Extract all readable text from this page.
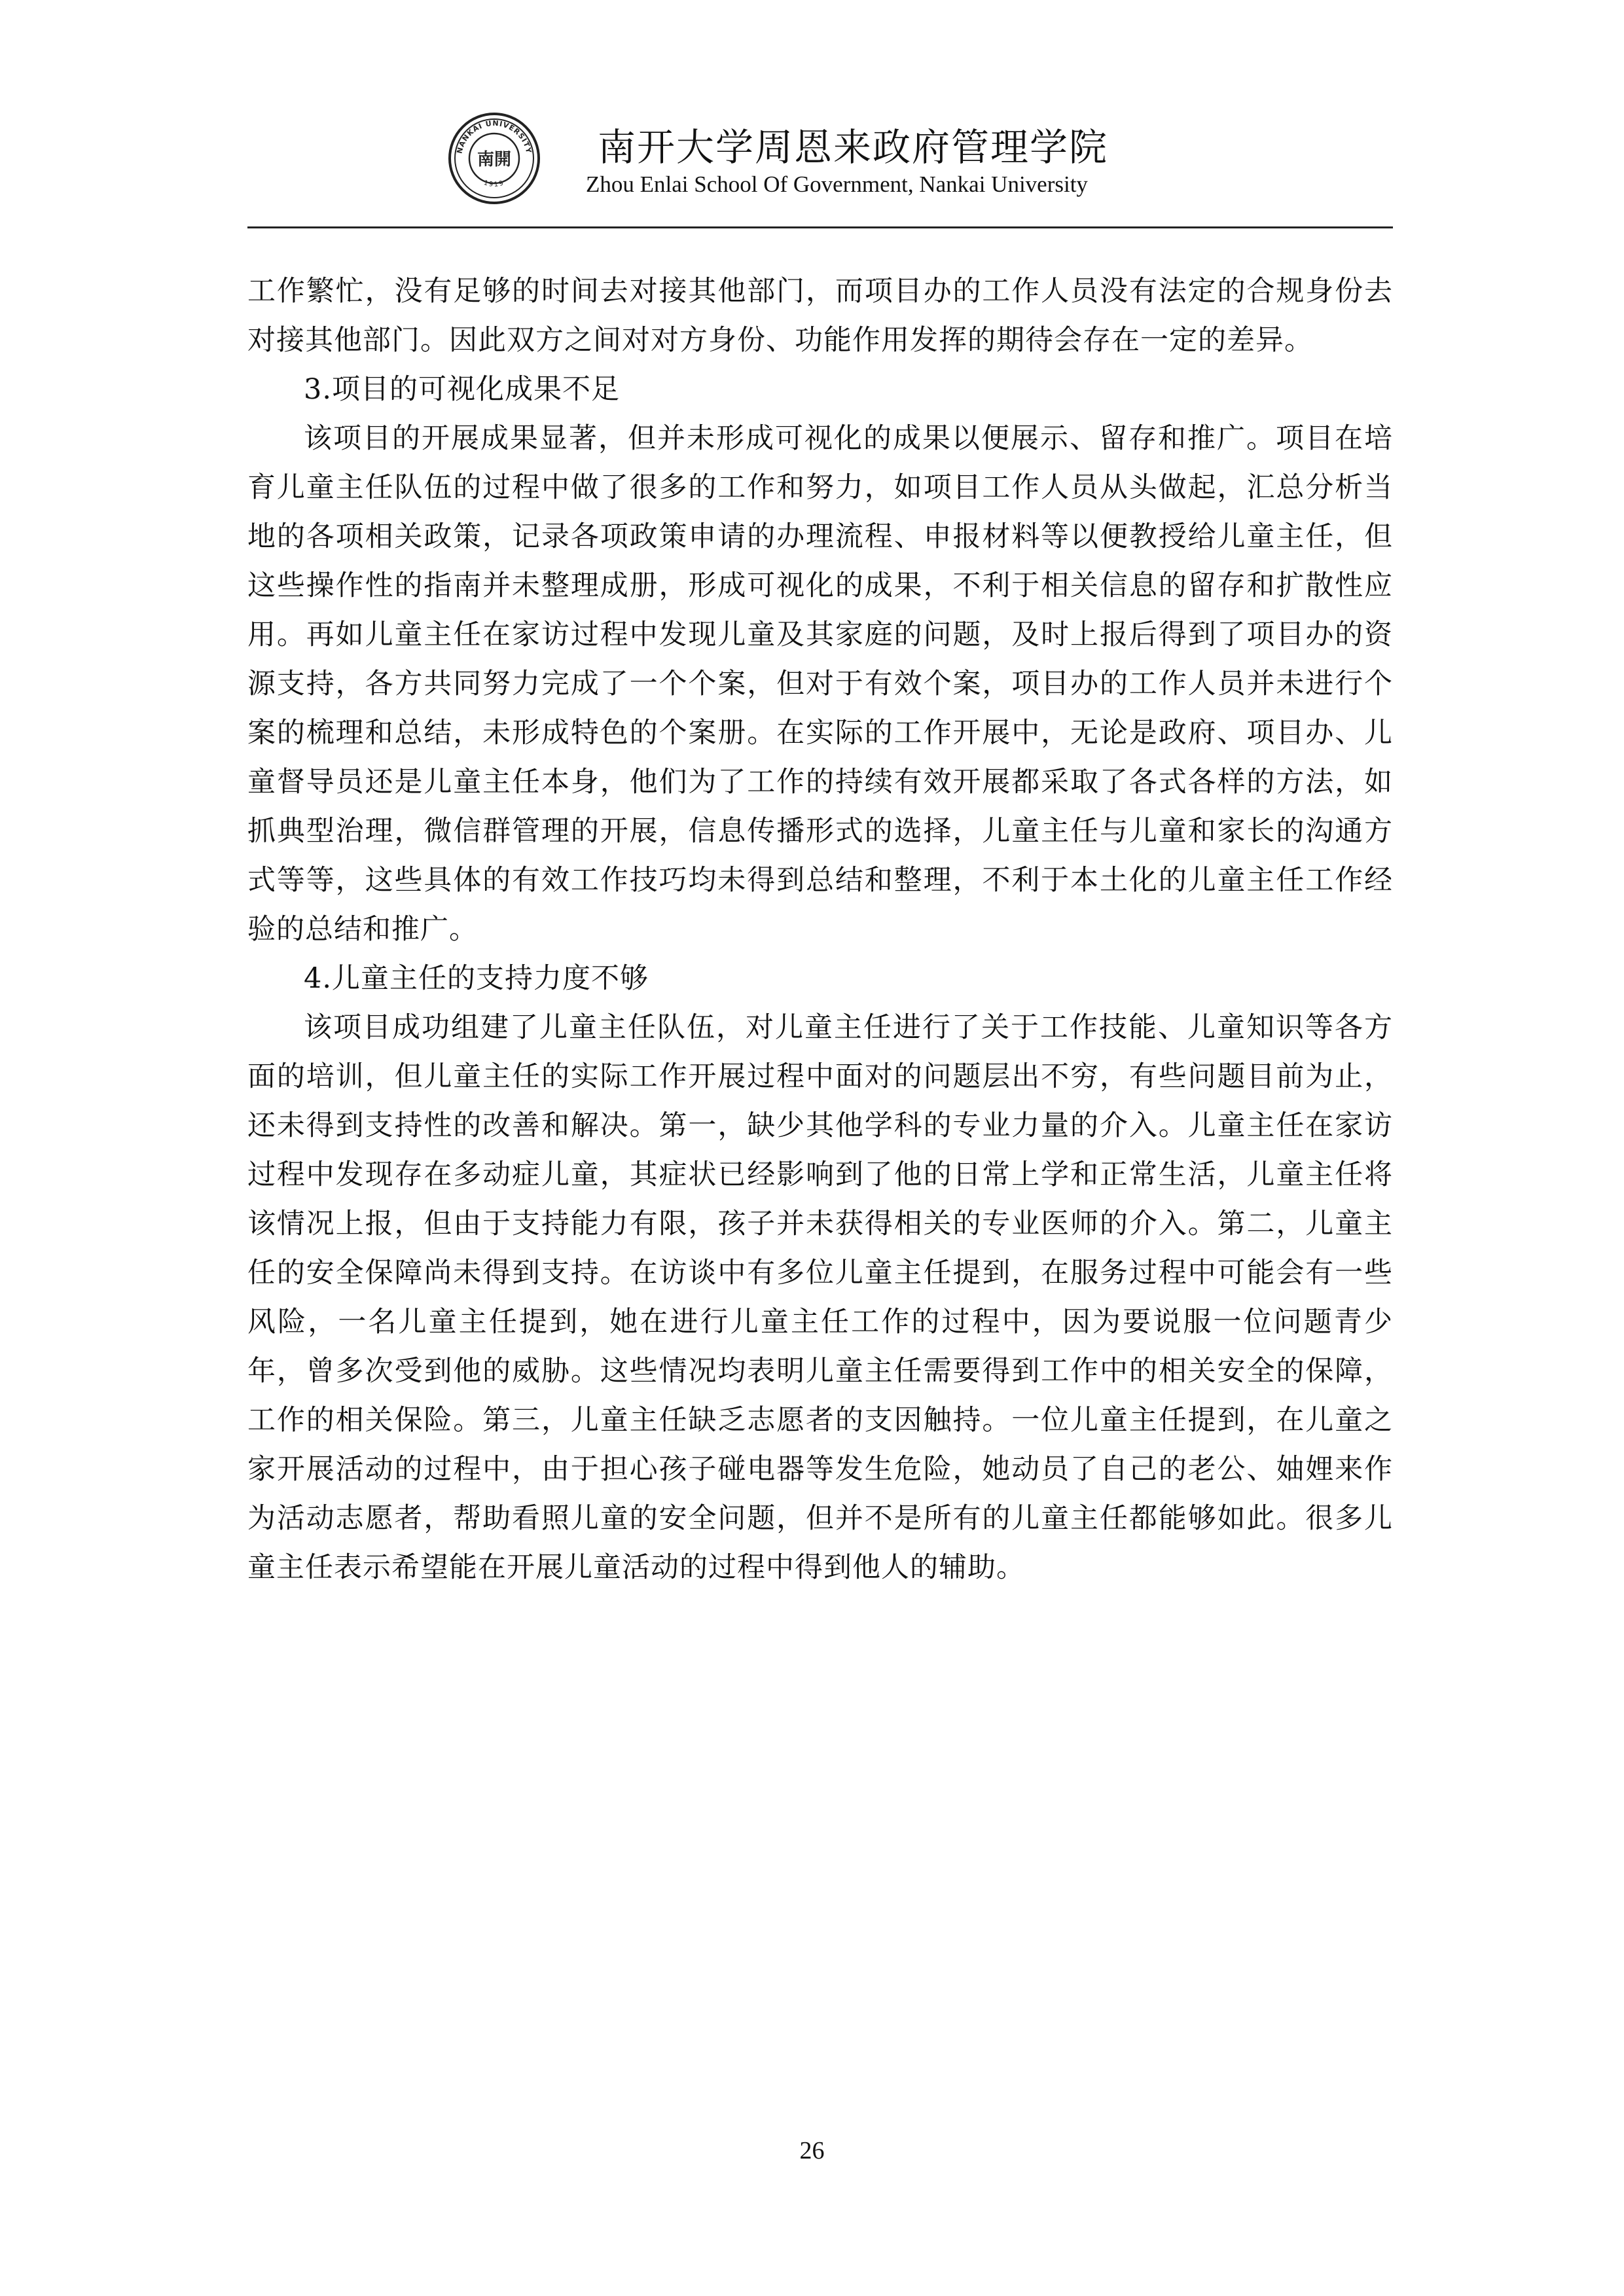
NANKAI UNIVERSITY
1919
南開 南开大学周恩来政府管理学院
Zhou Enlai School Of Government, Nankai University

工作繁忙，没有足够的时间去对接其他部门，而项目办的工作人员没有法定的合规身份去对接其他部门。因此双方之间对对方身份、功能作用发挥的期待会存在一定的差异。

3.项目的可视化成果不足

该项目的开展成果显著，但并未形成可视化的成果以便展示、留存和推广。项目在培育儿童主任队伍的过程中做了很多的工作和努力，如项目工作人员从头做起，汇总分析当地的各项相关政策，记录各项政策申请的办理流程、申报材料等以便教授给儿童主任，但这些操作性的指南并未整理成册，形成可视化的成果，不利于相关信息的留存和扩散性应用。再如儿童主任在家访过程中发现儿童及其家庭的问题，及时上报后得到了项目办的资源支持，各方共同努力完成了一个个案，但对于有效个案，项目办的工作人员并未进行个案的梳理和总结，未形成特色的个案册。在实际的工作开展中，无论是政府、项目办、儿童督导员还是儿童主任本身，他们为了工作的持续有效开展都采取了各式各样的方法，如抓典型治理，微信群管理的开展，信息传播形式的选择，儿童主任与儿童和家长的沟通方式等等，这些具体的有效工作技巧均未得到总结和整理，不利于本土化的儿童主任工作经验的总结和推广。

4.儿童主任的支持力度不够

该项目成功组建了儿童主任队伍，对儿童主任进行了关于工作技能、儿童知识等各方面的培训，但儿童主任的实际工作开展过程中面对的问题层出不穷，有些问题目前为止，还未得到支持性的改善和解决。第一，缺少其他学科的专业力量的介入。儿童主任在家访过程中发现存在多动症儿童，其症状已经影响到了他的日常上学和正常生活，儿童主任将该情况上报，但由于支持能力有限，孩子并未获得相关的专业医师的介入。第二，儿童主任的安全保障尚未得到支持。在访谈中有多位儿童主任提到，在服务过程中可能会有一些风险，一名儿童主任提到，她在进行儿童主任工作的过程中，因为要说服一位问题青少年，曾多次受到他的威胁。这些情况均表明儿童主任需要得到工作中的相关安全的保障，工作的相关保险。第三，儿童主任缺乏志愿者的支因触持。一位儿童主任提到，在儿童之家开展活动的过程中，由于担心孩子碰电器等发生危险，她动员了自己的老公、妯娌来作为活动志愿者，帮助看照儿童的安全问题，但并不是所有的儿童主任都能够如此。很多儿童主任表示希望能在开展儿童活动的过程中得到他人的辅助。

26
